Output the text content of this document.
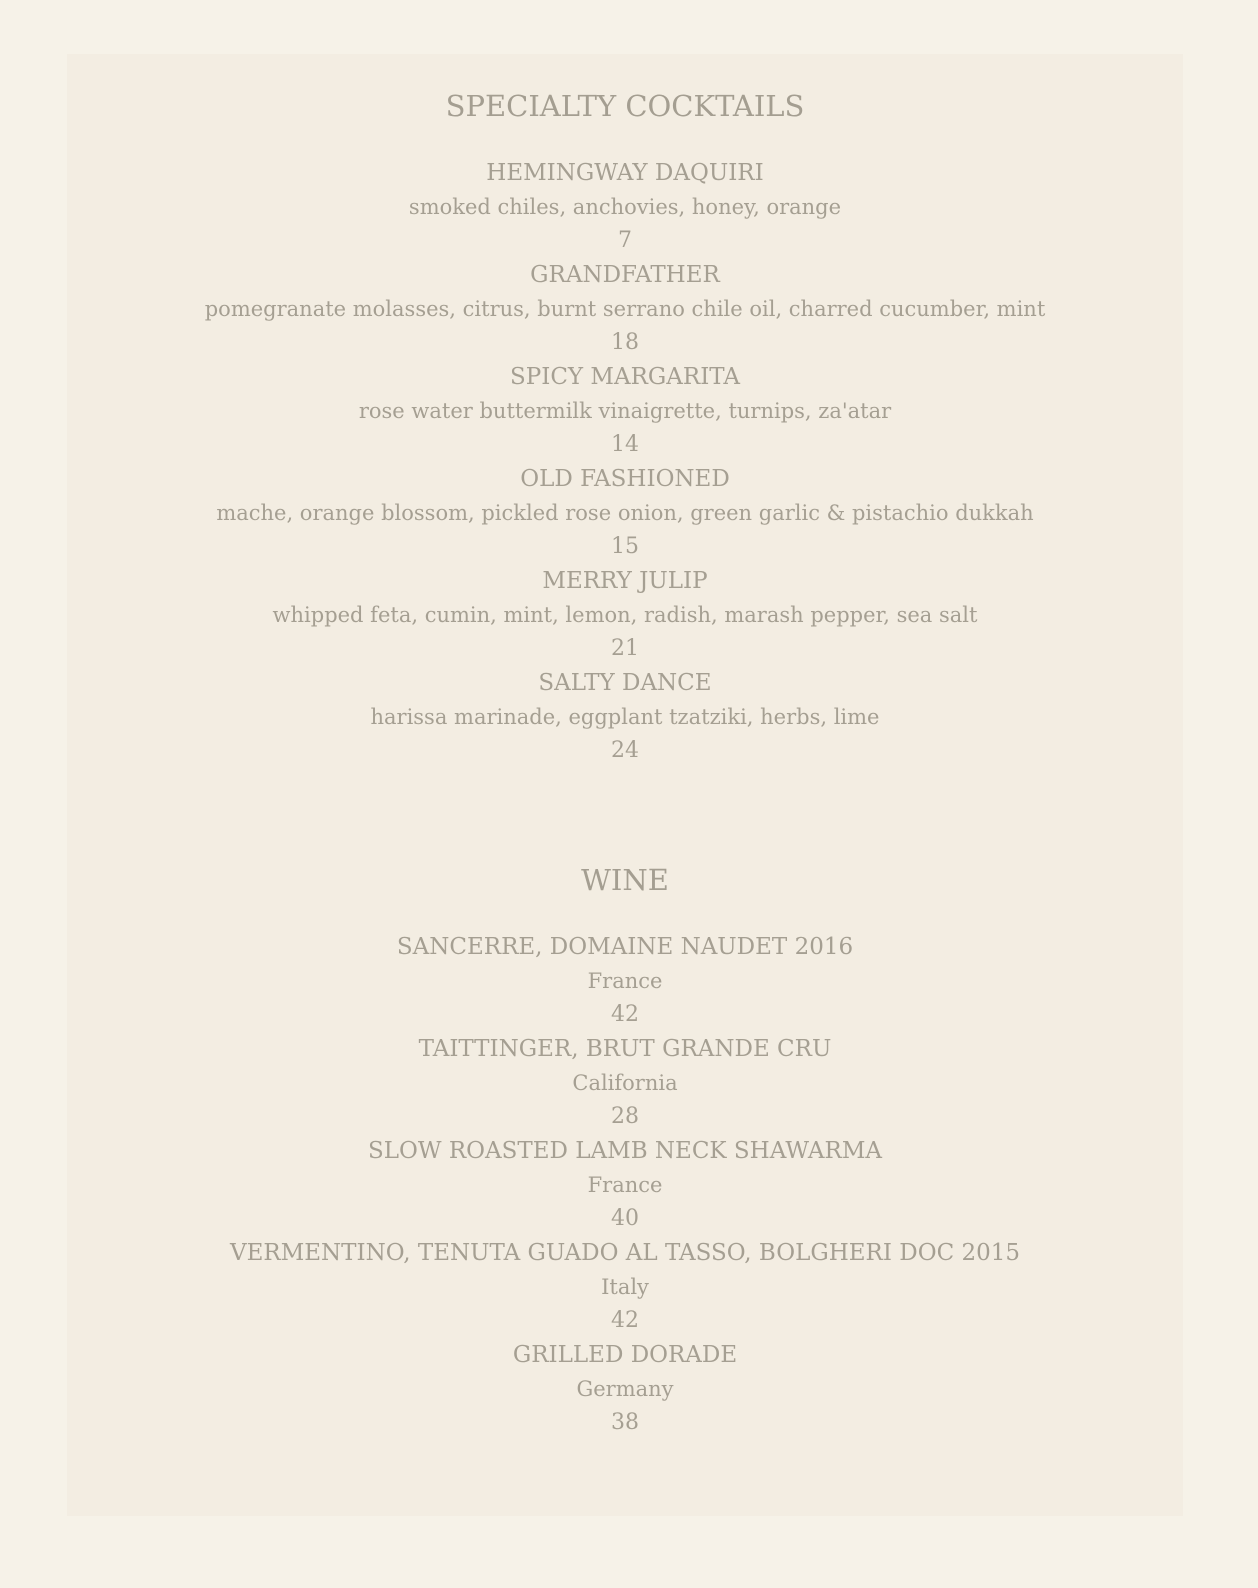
SPECIALTY COCKTAILS
HEMINGWAY DAQUIRI
smoked chiles, anchovies, honey, orange
7
GRANDFATHER
pomegranate molasses, citrus, burnt serrano chile oil, charred cucumber, mint
18
SPICY MARGARITA
rose water buttermilk vinaigrette, turnips, za'atar
14
OLD FASHIONED
mache, orange blossom, pickled rose onion, green garlic & pistachio dukkah
15
MERRY JULIP
whipped feta, cumin, mint, lemon, radish, marash pepper, sea salt
21
SALTY DANCE
harissa marinade, eggplant tzatziki, herbs, lime
24
WINE
SANCERRE, DOMAINE NAUDET 2016
France
42
TAITTINGER, BRUT GRANDE CRU
California
28
SLOW ROASTED LAMB NECK SHAWARMA
France
40
VERMENTINO, TENUTA GUADO AL TASSO, BOLGHERI DOC 2015
Italy
42
GRILLED DORADE
Germany
38
